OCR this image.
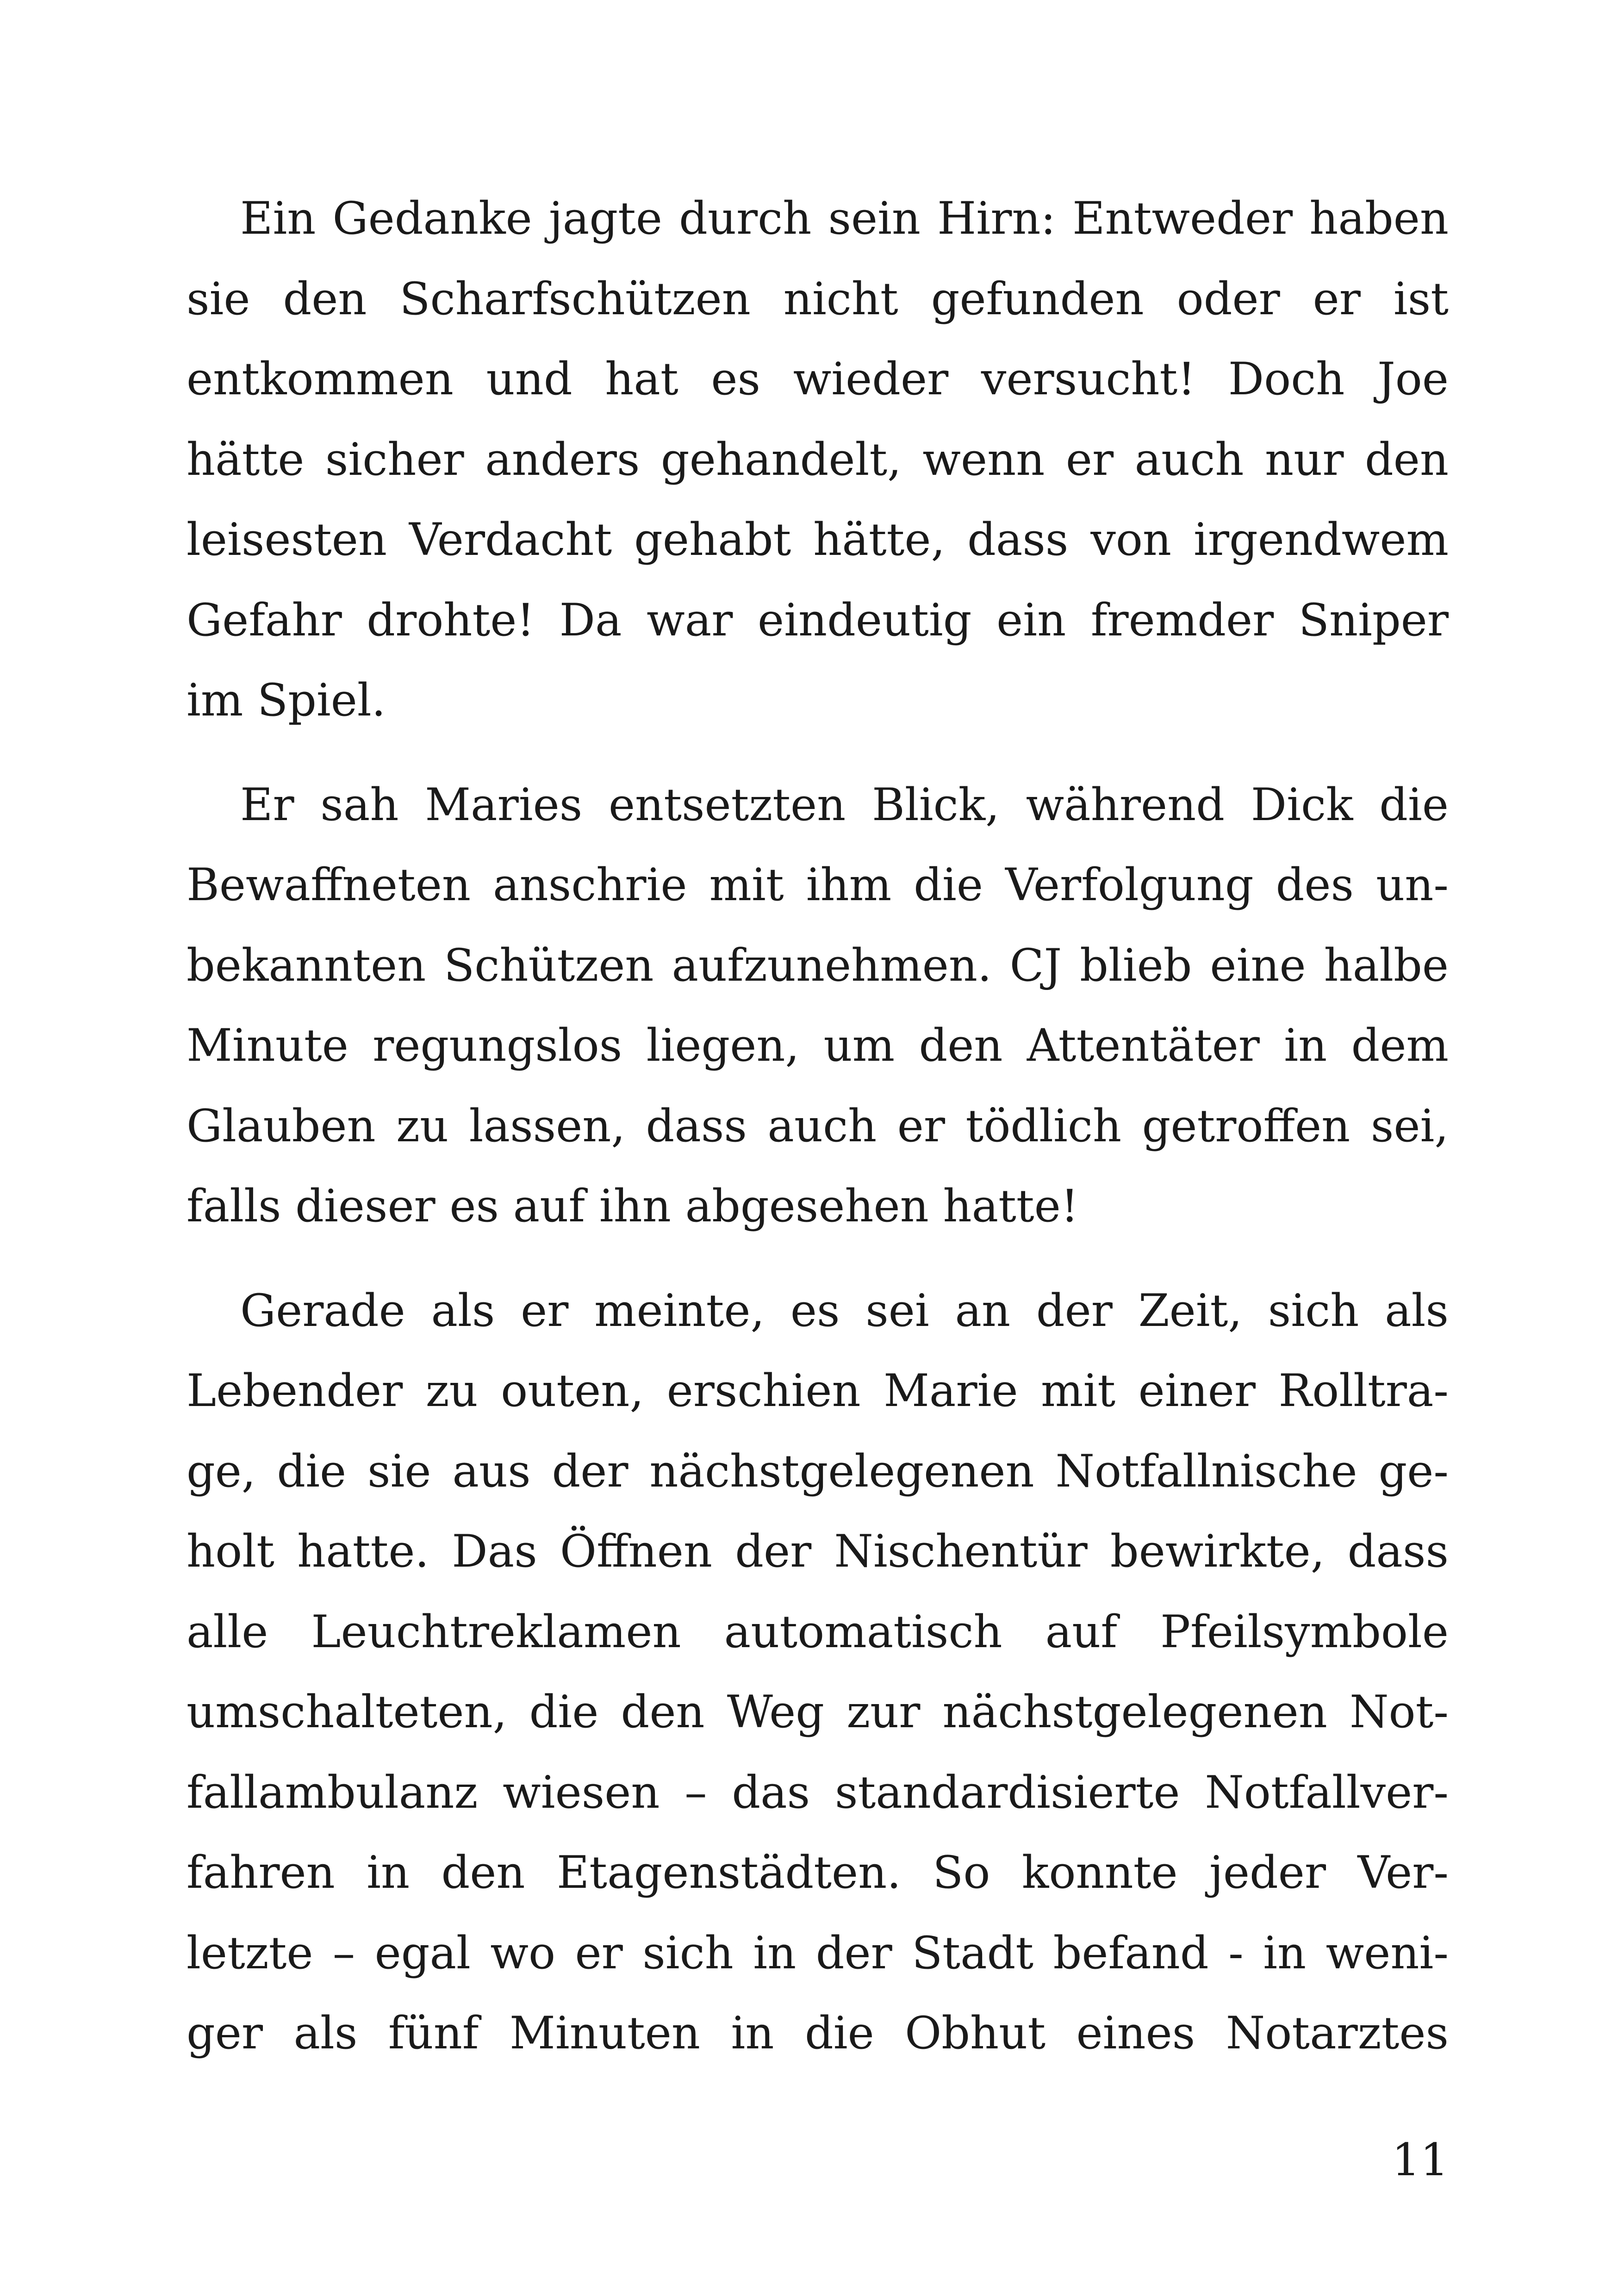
Ein Gedanke jagte durch sein Hirn: Entweder haben
sie den Scharfschützen nicht gefunden oder er ist
entkommen und hat es wieder versucht! Doch Joe
hätte sicher anders gehandelt, wenn er auch nur den
leisesten Verdacht gehabt hätte, dass von irgendwem
Gefahr drohte! Da war eindeutig ein fremder Sniper
im Spiel.
Er sah Maries entsetzten Blick, während Dick die
Bewaffneten anschrie mit ihm die Verfolgung des un-
bekannten Schützen aufzunehmen. CJ blieb eine halbe
Minute regungslos liegen, um den Attentäter in dem
Glauben zu lassen, dass auch er tödlich getroffen sei,
falls dieser es auf ihn abgesehen hatte!
Gerade als er meinte, es sei an der Zeit, sich als
Lebender zu outen, erschien Marie mit einer Rolltra-
ge, die sie aus der nächstgelegenen Notfallnische ge-
holt hatte. Das Öffnen der Nischentür bewirkte, dass
alle Leuchtreklamen automatisch auf Pfeilsymbole
umschalteten, die den Weg zur nächstgelegenen Not-
fallambulanz wiesen – das standardisierte Notfallver-
fahren in den Etagenstädten. So konnte jeder Ver-
letzte – egal wo er sich in der Stadt befand - in weni-
ger als fünf Minuten in die Obhut eines Notarztes
11
